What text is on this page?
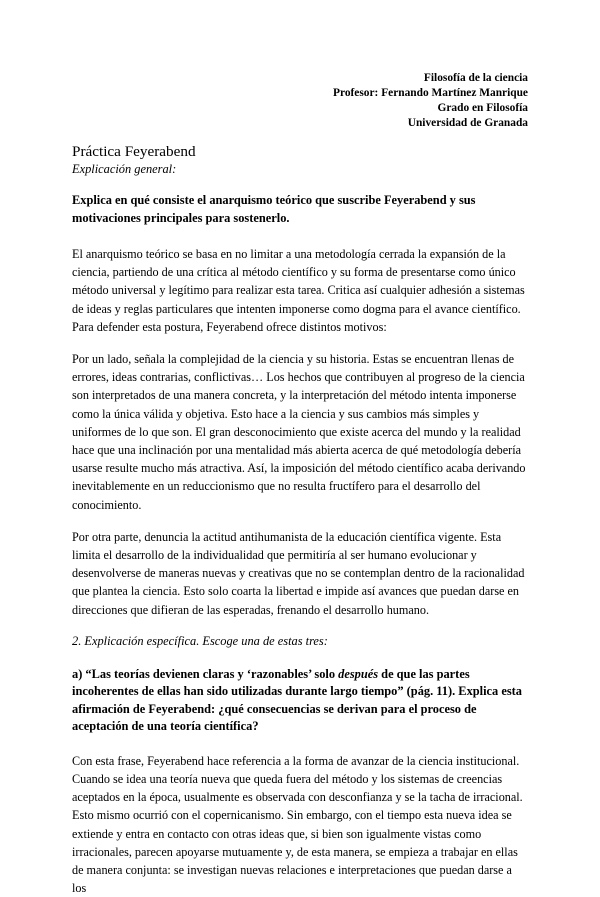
Filosofía de la ciencia
Profesor: Fernando Martínez Manrique
Grado en Filosofía
Universidad de Granada
Práctica Feyerabend
Explicación general:
Explica en qué consiste el anarquismo teórico que suscribe Feyerabend y sus motivaciones principales para sostenerlo.
El anarquismo teórico se basa en no limitar a una metodología cerrada la expansión de la ciencia, partiendo de una crítica al método científico y su forma de presentarse como único método universal y legítimo para realizar esta tarea. Critica así cualquier adhesión a sistemas de ideas y reglas particulares que intenten imponerse como dogma para el avance científico. Para defender esta postura, Feyerabend ofrece distintos motivos:
Por un lado, señala la complejidad de la ciencia y su historia. Estas se encuentran llenas de errores, ideas contrarias, conflictivas… Los hechos que contribuyen al progreso de la ciencia son interpretados de una manera concreta, y la interpretación del método intenta imponerse como la única válida y objetiva. Esto hace a la ciencia y sus cambios más simples y uniformes de lo que son. El gran desconocimiento que existe acerca del mundo y la realidad hace que una inclinación por una mentalidad más abierta acerca de qué metodología debería usarse resulte mucho más atractiva. Así, la imposición del método científico acaba derivando inevitablemente en un reduccionismo que no resulta fructífero para el desarrollo del conocimiento.
Por otra parte, denuncia la actitud antihumanista de la educación científica vigente. Esta limita el desarrollo de la individualidad que permitiría al ser humano evolucionar y desenvolverse de maneras nuevas y creativas que no se contemplan dentro de la racionalidad que plantea la ciencia. Esto solo coarta la libertad e impide así avances que puedan darse en direcciones que difieran de las esperadas, frenando el desarrollo humano.
2. Explicación específica. Escoge una de estas tres:
a) “Las teorías devienen claras y ‘razonables’ solo después de que las partes incoherentes de ellas han sido utilizadas durante largo tiempo” (pág. 11). Explica esta afirmación de Feyerabend: ¿qué consecuencias se derivan para el proceso de aceptación de una teoría científica?
Con esta frase, Feyerabend hace referencia a la forma de avanzar de la ciencia institucional. Cuando se idea una teoría nueva que queda fuera del método y los sistemas de creencias aceptados en la época, usualmente es observada con desconfianza y se la tacha de irracional. Esto mismo ocurrió con el copernicanismo. Sin embargo, con el tiempo esta nueva idea se extiende y entra en contacto con otras ideas que, si bien son igualmente vistas como irracionales, parecen apoyarse mutuamente y, de esta manera, se empieza a trabajar en ellas de manera conjunta: se investigan nuevas relaciones e interpretaciones que puedan darse a los
